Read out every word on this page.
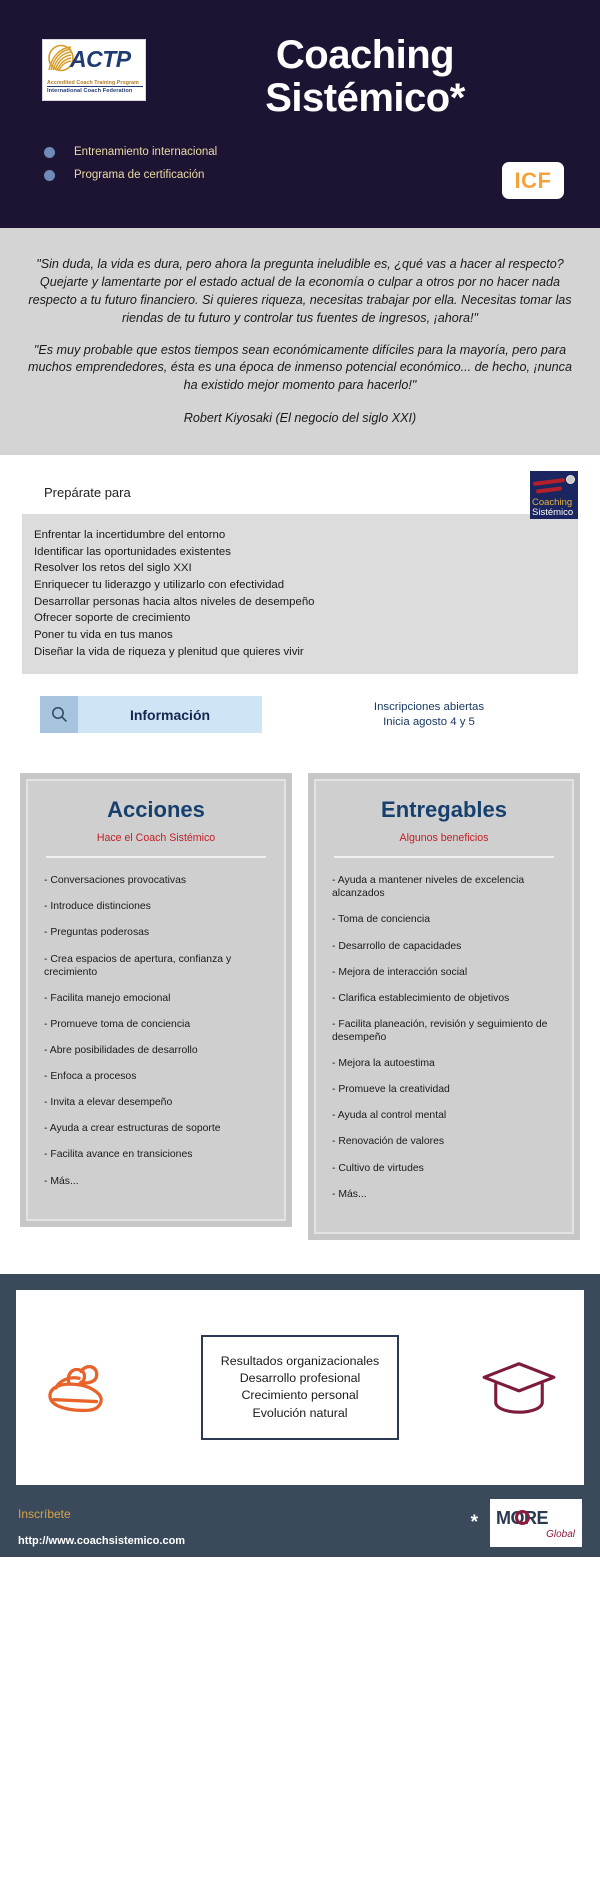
ACTP
Accredited Coach Training Program
International Coach Federation
Coaching
Sistémico*
Entrenamiento internacional
Programa de certificación	ICF
"Sin duda, la vida es dura, pero ahora la pregunta ineludible es, ¿qué vas a hacer al respecto? Quejarte y lamentarte por el estado actual de la economía o culpar a otros por no hacer nada respecto a tu futuro financiero. Si quieres riqueza, necesitas trabajar por ella. Necesitas tomar las riendas de tu futuro y controlar tus fuentes de ingresos, ¡ahora!"
"Es muy probable que estos tiempos sean económicamente difíciles para la mayoría, pero para muchos emprendedores, ésta es una época de inmenso potencial económico... de hecho, ¡nunca ha existido mejor momento para hacerlo!"
Robert Kiyosaki (El negocio del siglo XXI)
Prepárate para
Coaching
Sistémico
Enfrentar la incertidumbre del entorno
Identificar las oportunidades existentes
Resolver los retos del siglo XXI
Enriquecer tu liderazgo y utilizarlo con efectividad
Desarrollar personas hacia altos niveles de desempeño
Ofrecer soporte de crecimiento
Poner tu vida en tus manos
Diseñar la vida de riqueza y plenitud que quieres vivir
Información
Inscripciones abiertas
Inicia agosto 4 y 5
Acciones
Hace el Coach Sistémico
- Conversaciones provocativas
- Introduce distinciones
- Preguntas poderosas
- Crea espacios de apertura, confianza y crecimiento
- Facilita manejo emocional
- Promueve toma de conciencia
- Abre posibilidades de desarrollo
- Enfoca a procesos
- Invita a elevar desempeño
- Ayuda a crear estructuras de soporte
- Facilita avance en transiciones
- Más...
Entregables
Algunos beneficios
- Ayuda a mantener niveles de excelencia alcanzados
- Toma de conciencia
- Desarrollo de capacidades
- Mejora de interacción social
- Clarifica establecimiento de objetivos
- Facilita planeación, revisión y seguimiento de desempeño
- Mejora la autoestima
- Promueve la creatividad
- Ayuda al control mental
- Renovación de valores
- Cultivo de virtudes
- Más...
Resultados organizacionales
Desarrollo profesional
Crecimiento personal
Evolución natural
Inscríbete
http://www.coachsistemico.com
* MORE
Global
